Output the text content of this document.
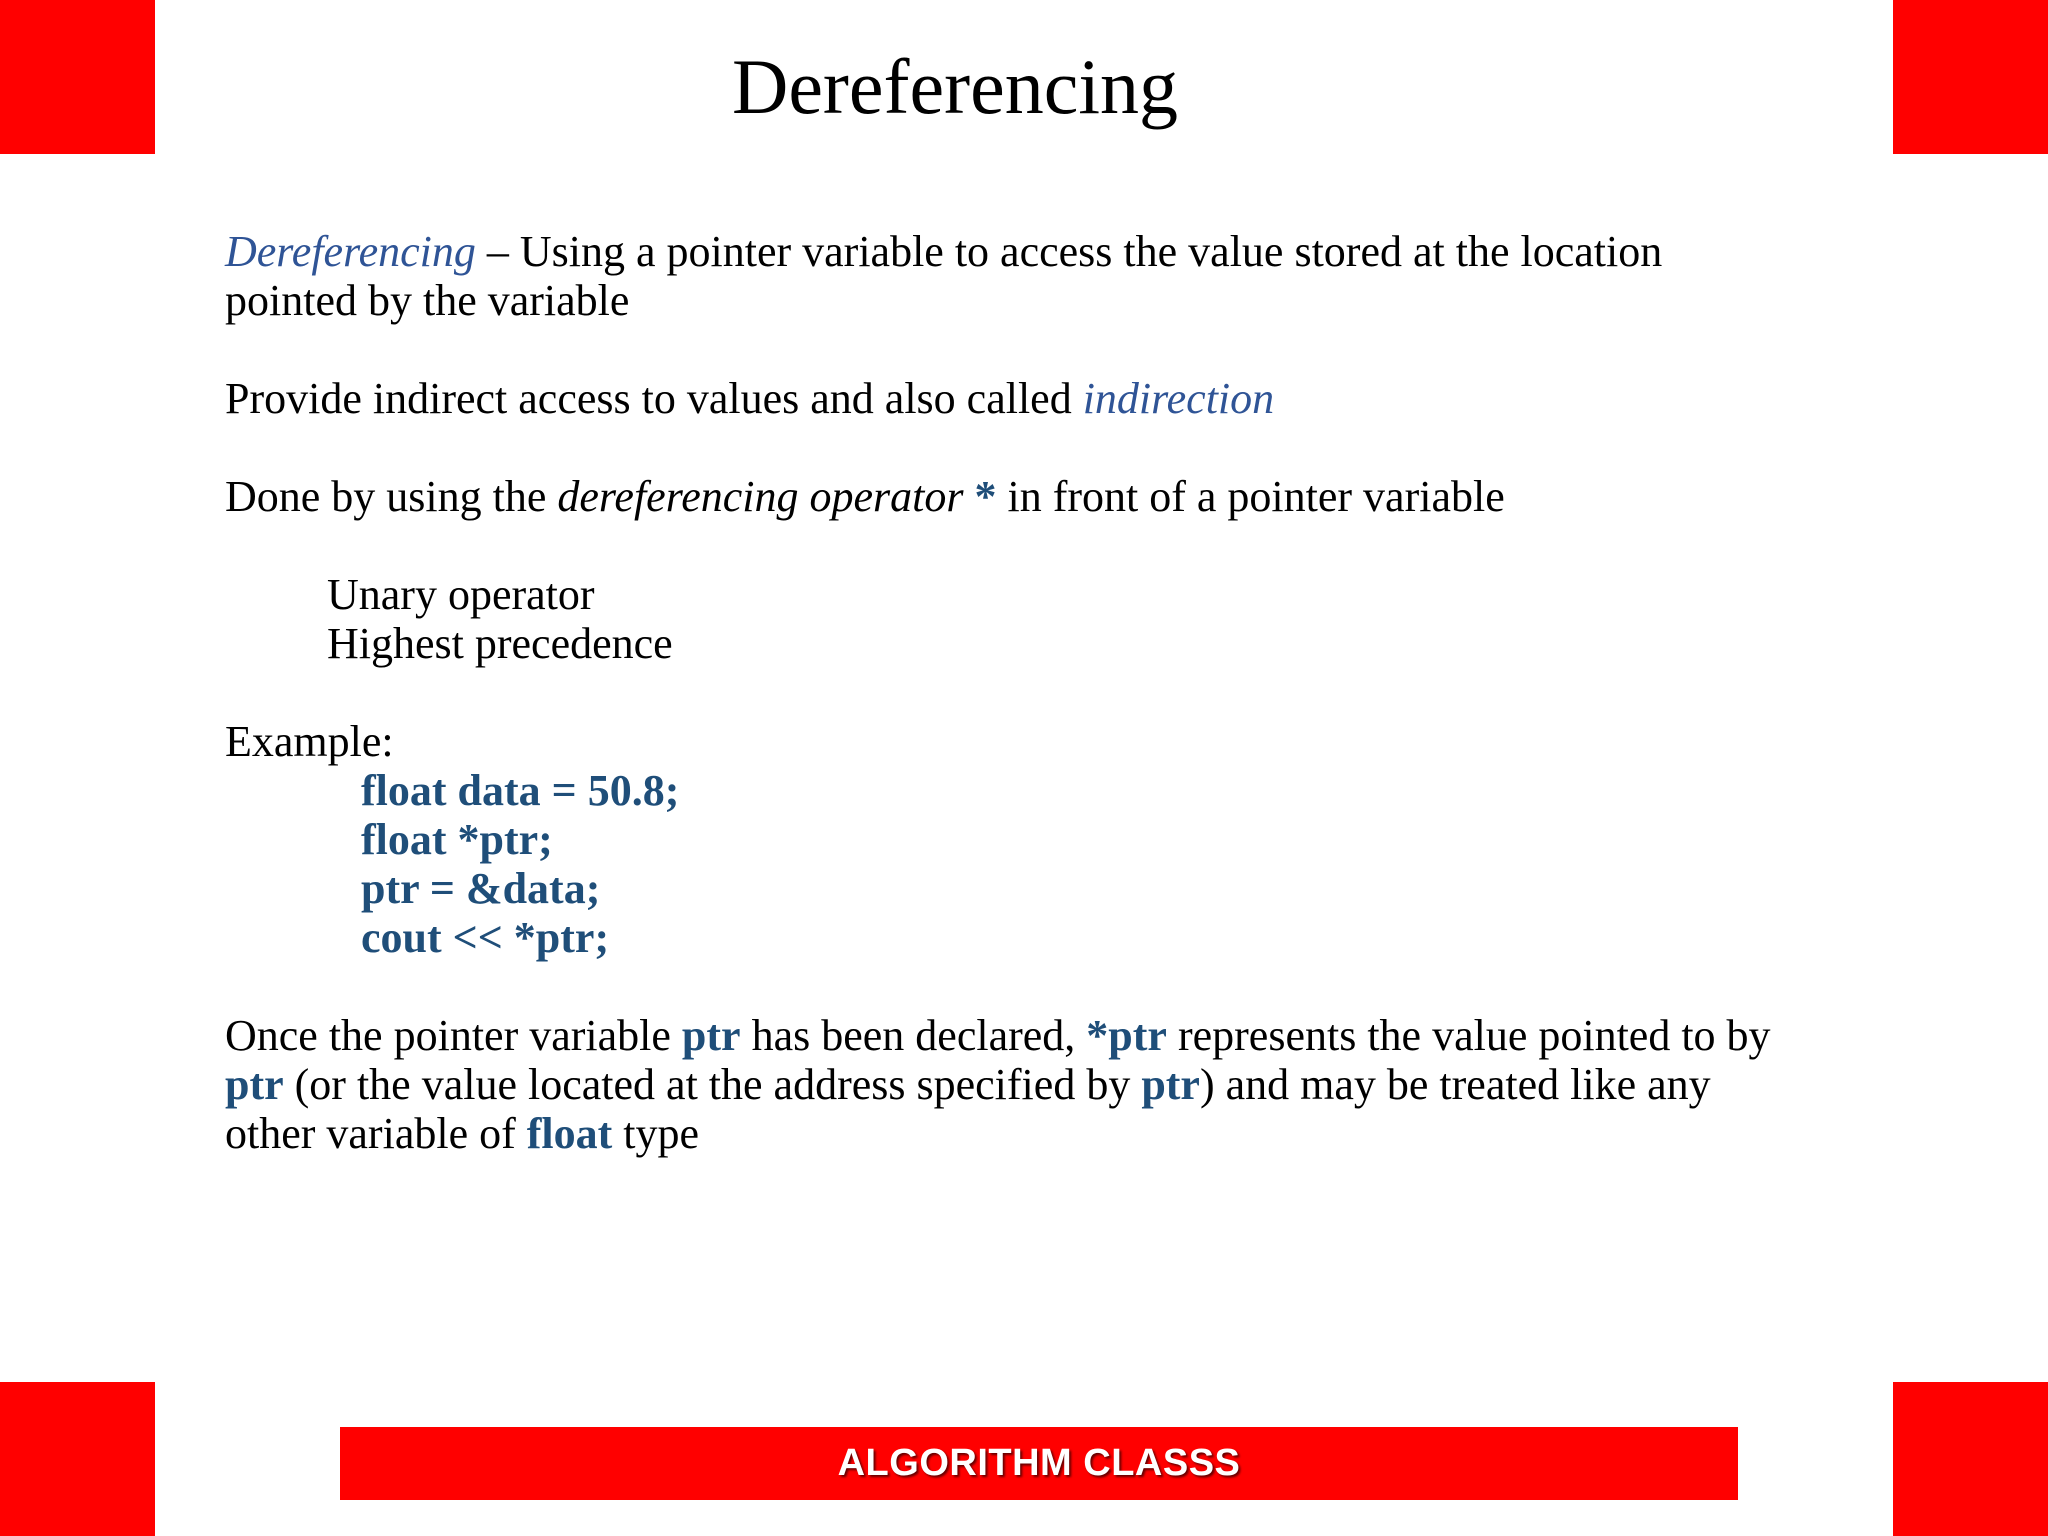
Dereferencing

Dereferencing – Using a pointer variable to access the value stored at the location

pointed by the variable

Provide indirect access to values and also called indirection

Done by using the dereferencing operator * in front of a pointer variable

Unary operator

Highest precedence

Example:

float data = 50.8;

float *ptr;

ptr = &data;

cout << *ptr;

Once the pointer variable ptr has been declared, *ptr represents the value pointed to by

ptr (or the value located at the address specified by ptr) and may be treated like any

other variable of float type

ALGORITHM CLASSS
